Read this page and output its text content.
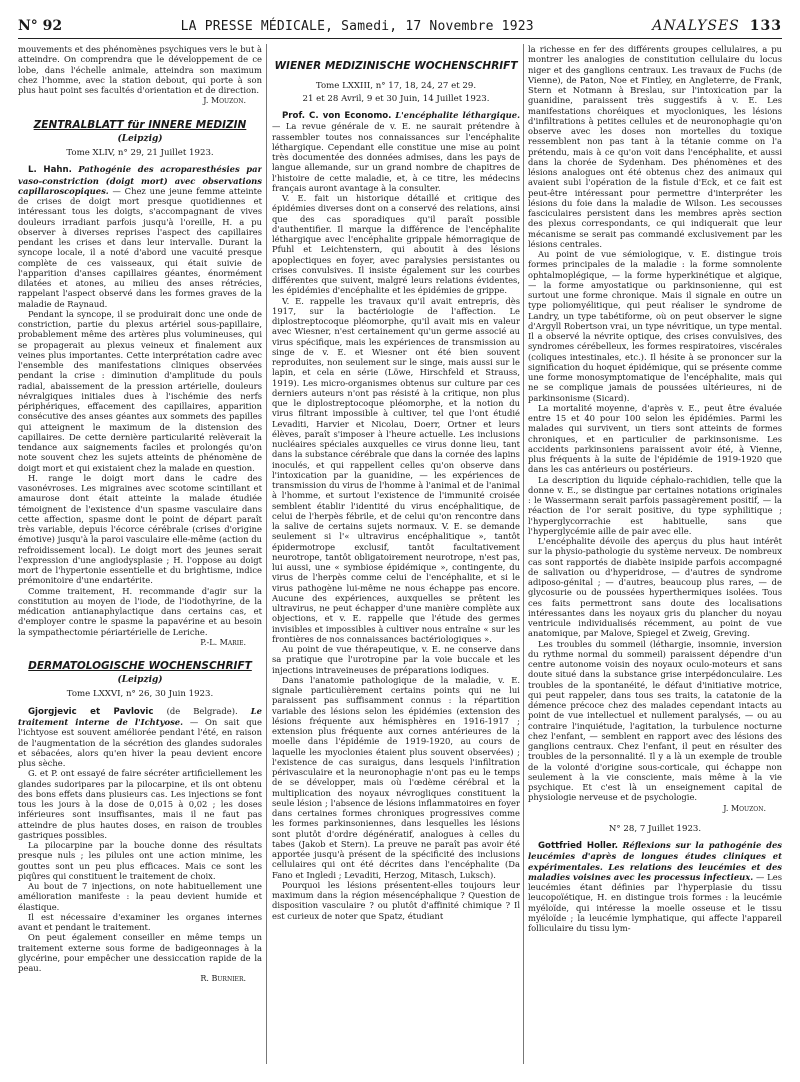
N° 92	LA PRESSE MÉDICALE, Samedi, 17 Novembre 1923	ANALYSES 133

mouvements et des phénomènes psychiques vers le but à atteindre. On comprendra que le développement de ce lobe, dans l'échelle animale, atteindra son maximum chez l'homme, avec la station debout, qui porte à son plus haut point ses facultés d'orientation et de direction.

J. Mouzon.
ZENTRALBLATT für INNERE MEDIZIN
(Leipzig)
Tome XLIV, n° 29, 21 Juillet 1923.

L. Hahn. Pathogénie des acroparesthésies par vaso-constriction (doigt mort) avec observations capillaroscopiques. — Chez une jeune femme atteinte de crises de doigt mort presque quotidiennes et intéressant tous les doigts, s'accompagnant de vives douleurs irradiant parfois jusqu'à l'oreille, H. a pu observer à diverses reprises l'aspect des capillaires pendant les crises et dans leur intervalle. Durant la syncope locale, il a noté d'abord une vacuité presque complète de ces vaisseaux, qui était suivie de l'apparition d'anses capillaires géantes, énormément dilatées et atones, au milieu des anses rétrécies, rappelant l'aspect observé dans les formes graves de la maladie de Raynaud.

Pendant la syncope, il se produirait donc une onde de constriction, partie du plexus artériel sous-papillaire, probablement même des artères plus volumineuses, qui se propagerait au plexus veineux et finalement aux veines plus importantes. Cette interprétation cadre avec l'ensemble des manifestations cliniques observées pendant la crise : diminution d'amplitude du pouls radial, abaissement de la pression artérielle, douleurs névralgiques initiales dues à l'ischémie des nerfs périphériques, effacement des capillaires, apparition consécutive des anses géantes aux sommets des papilles qui atteignent le maximum de la distension des capillaires. De cette dernière particularité relèverait la tendance aux saignements faciles et prolongés qu'on note souvent chez les sujets atteints de phénomène de doigt mort et qui existaient chez la malade en question.

H. range le doigt mort dans le cadre des vasonévroses. Les migraines avec scotome scintillant et amaurose dont était atteinte la malade étudiée témoignent de l'existence d'un spasme vasculaire dans cette affection, spasme dont le point de départ paraît très variable, depuis l'écorce cérébrale (crises d'origine émotive) jusqu'à la paroi vasculaire elle-même (action du refroidissement local). Le doigt mort des jeunes serait l'expression d'une angiodysplasie ; H. l'oppose au doigt mort de l'hypertonie essentielle et du brightisme, indice prémonitoire d'une endartérite.

Comme traitement, H. recommande d'agir sur la constitution au moyen de l'iode, de l'iodothyrine, de la médication antianaphylactique dans certains cas, et d'employer contre le spasme la papavérine et au besoin la sympathectomie périartérielle de Leriche.

P.-L. Marie.
DERMATOLOGISCHE WOCHENSCHRIFT
(Leipzig)
Tome LXXVI, n° 26, 30 Juin 1923.

Gjorgjevic et Pavlovic (de Belgrade). Le traitement interne de l'Ichtyose. — On sait que l'ichtyose est souvent améliorée pendant l'été, en raison de l'augmentation de la sécrétion des glandes sudorales et sébacées, alors qu'en hiver la peau devient encore plus sèche.

G. et P. ont essayé de faire sécréter artificiellement les glandes sudoripares par la pilocarpine, et ils ont obtenu des bons effets dans plusieurs cas. Les injections se font tous les jours à la dose de 0,015 à 0,02 ; les doses inférieures sont insuffisantes, mais il ne faut pas atteindre de plus hautes doses, en raison de troubles gastriques possibles.

La pilocarpine par la bouche donne des résultats presque nuls ; les pilules ont une action minime, les gouttes sont un peu plus efficaces. Mais ce sont les piqûres qui constituent le traitement de choix.

Au bout de 7 injections, on note habituellement une amélioration manifeste : la peau devient humide et élastique.

Il est nécessaire d'examiner les organes internes avant et pendant le traitement.

On peut également conseiller en même temps un traitement externe sous forme de badigeonnages à la glycérine, pour empêcher une dessiccation rapide de la peau.

R. Burnier.
WIENER MEDIZINISCHE WOCHENSCHRIFT
Tome LXXIII, n° 17, 18, 24, 27 et 29.
21 et 28 Avril, 9 et 30 Juin, 14 Juillet 1923.

Prof. C. von Economo. L'encéphalite léthargique. — La revue générale de v. E. ne saurait prétendre à rassembler toutes nos connaissances sur l'encéphalite léthargique. Cependant elle constitue une mise au point très documentée des données admises, dans les pays de langue allemande, sur un grand nombre de chapitres de l'histoire de cette maladie, et, à ce titre, les médecins français auront avantage à la consulter.

V. E. fait un historique détaillé et critique des épidémies diverses dont on a conservé des relations, ainsi que des cas sporadiques qu'il paraît possible d'authentifier. Il marque la différence de l'encéphalite léthargique avec l'encéphalite grippale hémorragique de Pfuhl et Leichtenstern, qui aboutit à des lésions apoplectiques en foyer, avec paralysies persistantes ou crises convulsives. Il insiste également sur les courbes différentes que suivent, malgré leurs relations évidentes, les épidémies d'encéphalite et les épidémies de grippe.

V. E. rappelle les travaux qu'il avait entrepris, dès 1917, sur la bactériologie de l'affection. Le diplostreptocoque pléomorphe, qu'il avait mis en valeur avec Wiesner, n'est certainement qu'un germe associé au virus spécifique, mais les expériences de transmission au singe de v. E. et Wiesner ont été bien souvent reproduites, non seulement sur le singe, mais aussi sur le lapin, et cela en série (Löwe, Hirschfeld et Strauss, 1919). Les micro-organismes obtenus sur culture par ces derniers auteurs n'ont pas résisté à la critique, non plus que le diplostreptocoque pléomorphe, et la notion du virus filtrant impossible à cultiver, tel que l'ont étudié Levaditi, Harvier et Nicolau, Doerr, Ortner et leurs élèves, paraît s'imposer à l'heure actuelle. Les inclusions nucléaires spéciales auxquelles ce virus donne lieu, tant dans la substance cérébrale que dans la cornée des lapins inoculés, et qui rappellent celles qu'on observe dans l'intoxication par la guanidine, — les expériences de transmission du virus de l'homme à l'animal et de l'animal à l'homme, et surtout l'existence de l'immunité croisée semblent établir l'identité du virus encéphalitique, de celui de l'herpès fébrile, et de celui qu'on rencontre dans la salive de certains sujets normaux. V. E. se demande seulement si l'« ultravirus encéphalitique », tantôt épidermotrope exclusif, tantôt facultativement neurotrope, tantôt obligatoirement neurotrope, n'est pas, lui aussi, une « symbiose épidémique », contingente, du virus de l'herpès comme celui de l'encéphalite, et si le virus pathogène lui-même ne nous échappe pas encore. Aucune des expériences, auxquelles se prêtent les ultravirus, ne peut échapper d'une manière complète aux objections, et v. E. rappelle que l'étude des germes invisibles et impossibles à cultiver nous entraîne « sur les frontières de nos connaissances bactériologiques ».

Au point de vue thérapeutique, v. E. ne conserve dans sa pratique que l'urotropine par la voie buccale et les injections intraveineuses de préparations iodiques.

Dans l'anatomie pathologique de la maladie, v. E. signale particulièrement certains points qui ne lui paraissent pas suffisamment connus : la répartition variable des lésions selon les épidémies (extension des lésions fréquente aux hémisphères en 1916-1917 ; extension plus fréquente aux cornes antérieures de la moelle dans l'épidémie de 1919-1920, au cours de laquelle les myoclonies étaient plus souvent observées) ; l'existence de cas suraigus, dans lesquels l'infiltration périvasculaire et la neuronophagie n'ont pas eu le temps de se développer, mais où l'œdème cérébral et la multiplication des noyaux névrogliques constituent la seule lésion ; l'absence de lésions inflammatoires en foyer dans certaines formes chroniques progressives comme les formes parkinsoniennes, dans lesquelles les lésions sont plutôt d'ordre dégénératif, analogues à celles du tabes (Jakob et Stern). La preuve ne paraît pas avoir été apportée jusqu'à présent de la spécificité des inclusions cellulaires qui ont été décrites dans l'encéphalite (Da Fano et Ingledi ; Levaditi, Herzog, Mitasch, Luksch).

Pourquoi les lésions présentent-elles toujours leur maximum dans la région mésencéphalique ? Question de disposition vasculaire ? ou plutôt d'affinité chimique ? Il est curieux de noter que Spatz, étudiant

la richesse en fer des différents groupes cellulaires, a pu montrer les analogies de constitution cellulaire du locus niger et des ganglions centraux. Les travaux de Fuchs (de Vienne), de Paton, Noe et Fintley, en Angleterre, de Frank, Stern et Notmann à Breslau, sur l'intoxication par la guanidine, paraissent très suggestifs à v. E. Les manifestations choréiques et myocloniques, les lésions d'infiltrations à petites cellules et de neuronophagie qu'on observe avec les doses non mortelles du toxique ressemblent non pas tant à la tétanie comme on l'a prétendu, mais à ce qu'on voit dans l'encéphalite, et aussi dans la chorée de Sydenham. Des phénomènes et des lésions analogues ont été obtenus chez des animaux qui avaient subi l'opération de la fistule d'Eck, et ce fait est peut-être intéressant pour permettre d'interpréter les lésions du foie dans la maladie de Wilson. Les secousses fasciculaires persistent dans les membres après section des plexus correspondants, ce qui indiquerait que leur mécanisme se serait pas commandé exclusivement par les lésions centrales.

Au point de vue sémiologique, v. E. distingue trois formes principales de la maladie : la forme somnolente ophtalmoplégique, — la forme hyperkinétique et algique, — la forme amyostatique ou parkinsonienne, qui est surtout une forme chronique. Mais il signale en outre un type poliomyélitique, qui peut réaliser le syndrome de Landry, un type tabétiforme, où on peut observer le signe d'Argyll Robertson vrai, un type névritique, un type mental. Il a observé la névrite optique, des crises convulsives, des syndromes cérébelleux, les formes respiratoires, viscérales (coliques intestinales, etc.). Il hésite à se prononcer sur la signification du hoquet épidémique, qui se présente comme une forme monosymptomatique de l'encéphalite, mais qui ne se complique jamais de poussées ultérieures, ni de parkinsonisme (Sicard).

La mortalité moyenne, d'après v. E., peut être évaluée entre 15 et 40 pour 100 selon les épidémies. Parmi les malades qui survivent, un tiers sont atteints de formes chroniques, et en particulier de parkinsonisme. Les accidents parkinsoniens paraissent avoir été, à Vienne, plus fréquents à la suite de l'épidémie de 1919-1920 que dans les cas antérieurs ou postérieurs.

La description du liquide céphalo-rachidien, telle que la donne v. E., se distingue par certaines notations originales : le Wassermann serait parfois passagèrement positif, — la réaction de l'or serait positive, du type syphilitique ; l'hyperglycorrachie est habituelle, sans que l'hyperglycémie aille de pair avec elle.

L'encéphalite dévoile des aperçus du plus haut intérêt sur la physio-pathologie du système nerveux. De nombreux cas sont rapportés de diabète insipide parfois accompagné de salivation ou d'hyperidrose, — d'autres de syndrome adiposo-génital ; — d'autres, beaucoup plus rares, — de glycosurie ou de poussées hyperthermiques isolées. Tous ces faits permettront sans doute des localisations intéressantes dans les noyaux gris du plancher du noyau ventricule individualisés récemment, au point de vue anatomique, par Malove, Spiegel et Zweig, Greving.

Les troubles du sommeil (léthargie, insomnie, inversion du rythme normal du sommeil) paraissent dépendre d'un centre autonome voisin des noyaux oculo-moteurs et sans doute situé dans la substance grise interpédonculaire. Les troubles de la spontanéité, le défaut d'initiative motrice, qui peut rappeler, dans tous ses traits, la catatonie de la démence précoce chez des malades cependant intacts au point de vue intellectuel et nullement paralysés, — ou au contraire l'inquiétude, l'agitation, la turbulence nocturne chez l'enfant, — semblent en rapport avec des lésions des ganglions centraux. Chez l'enfant, il peut en résulter des troubles de la personnalité. Il y a là un exemple de trouble de la volonté d'origine sous-corticale, qui échappe non seulement à la vie consciente, mais même à la vie psychique. Et c'est là un enseignement capital de physiologie nerveuse et de psychologie.

J. Mouzon.
N° 28, 7 Juillet 1923.

Gottfried Holler. Réflexions sur la pathogénie des leucémies d'après de longues études cliniques et expérimentales. Les relations des leucémies et des maladies voisines avec les processus infectieux. — Les leucémies étant définies par l'hyperplasie du tissu leucopoïétique, H. en distingue trois formes : la leucémie myéloïde, qui intéresse la moelle osseuse et le tissu myéloïde ; la leucémie lymphatique, qui affecte l'appareil folliculaire du tissu lym-
